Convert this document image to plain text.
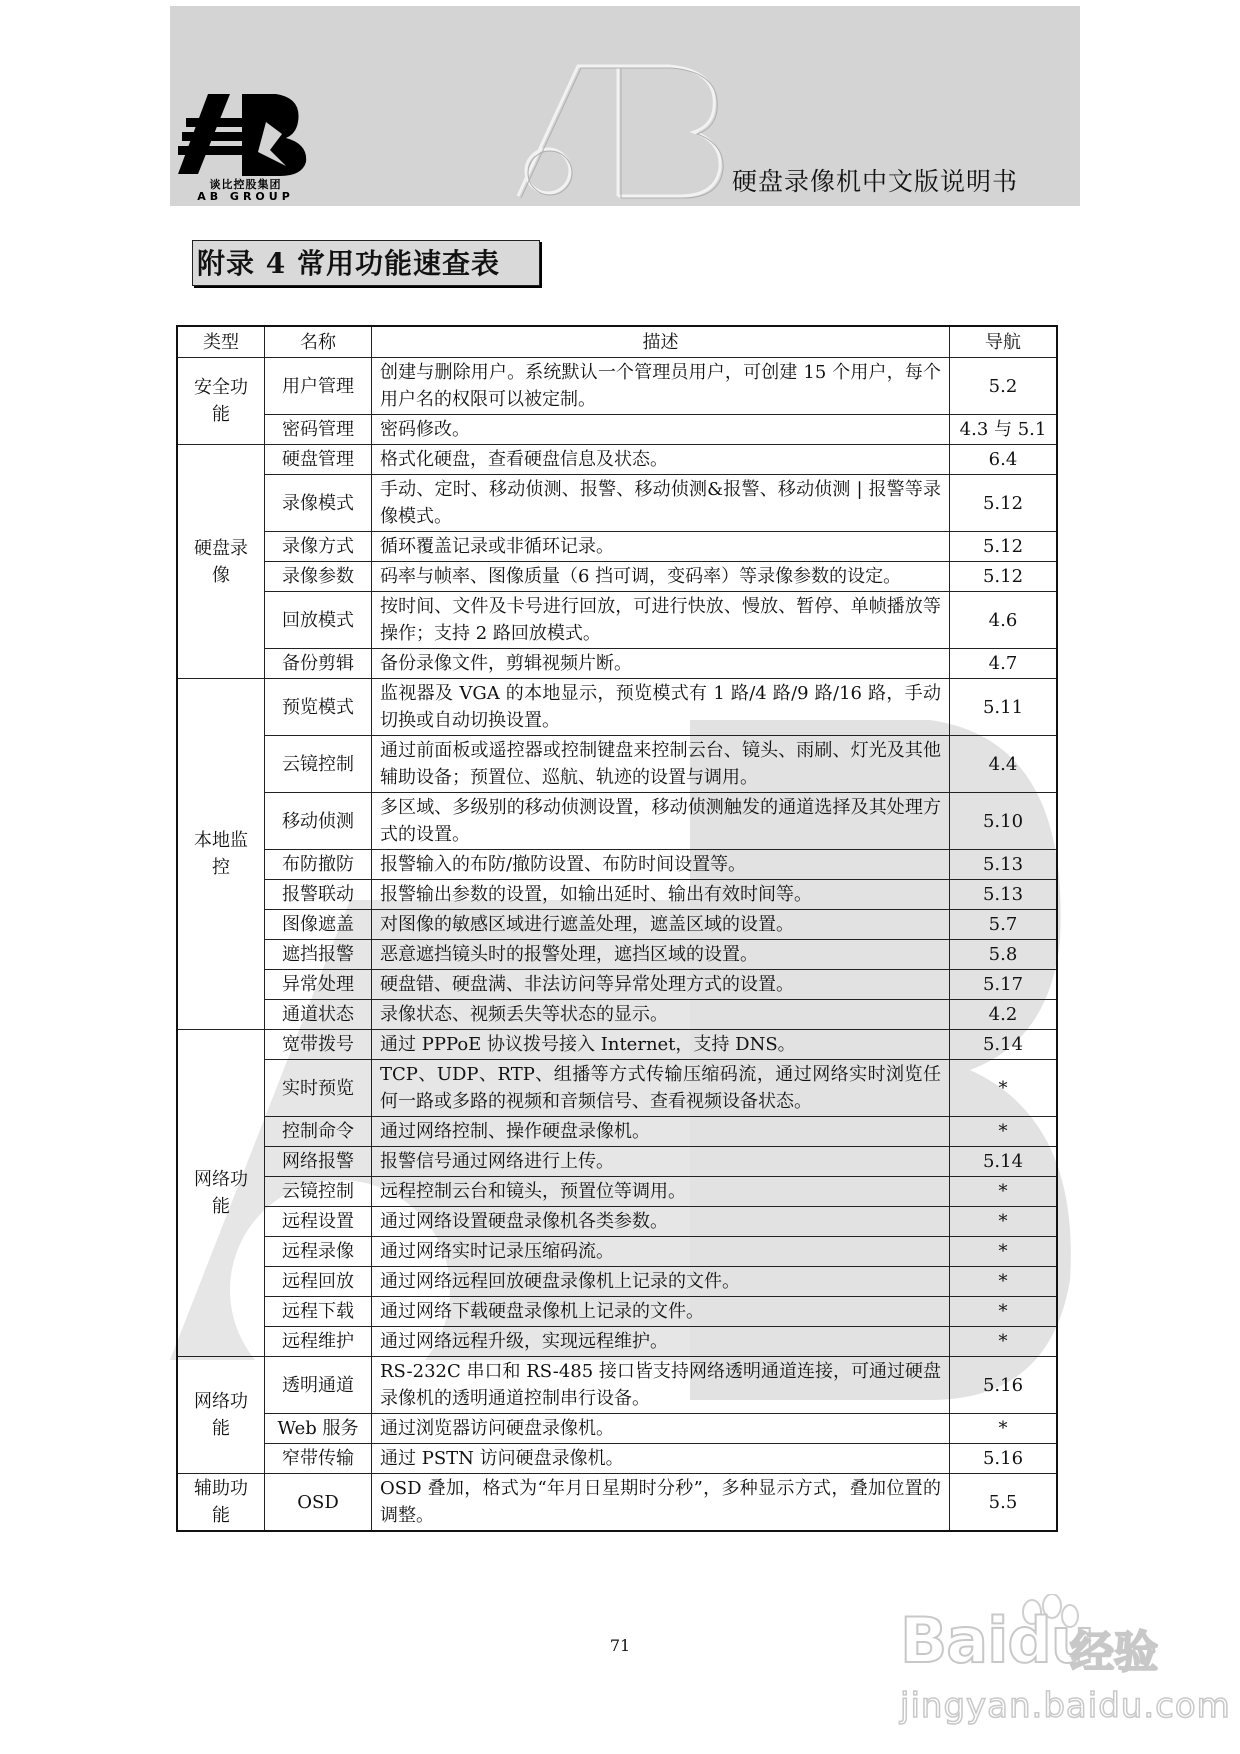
谈比控股集团
AB GROUP
硬盘录像机中文版说明书
附录 4 常用功能速查表
类型	名称	描述	导航
安全功能	用户管理	创建与删除用户。系统默认一个管理员用户，可创建 15 个用户，每个用户名的权限可以被定制。	5.2
	密码管理	密码修改。	4.3 与 5.1
硬盘录像	硬盘管理	格式化硬盘，查看硬盘信息及状态。	6.4
	录像模式	手动、定时、移动侦测、报警、移动侦测&报警、移动侦测 | 报警等录像模式。	5.12
	录像方式	循环覆盖记录或非循环记录。	5.12
	录像参数	码率与帧率、图像质量（6 挡可调，变码率）等录像参数的设定。	5.12
	回放模式	按时间、文件及卡号进行回放，可进行快放、慢放、暂停、单帧播放等操作；支持 2 路回放模式。	4.6
	备份剪辑	备份录像文件，剪辑视频片断。	4.7
本地监控	预览模式	监视器及 VGA 的本地显示，预览模式有 1 路/4 路/9 路/16 路，手动切换或自动切换设置。	5.11
	云镜控制	通过前面板或遥控器或控制键盘来控制云台、镜头、雨刷、灯光及其他辅助设备；预置位、巡航、轨迹的设置与调用。	4.4
	移动侦测	多区域、多级别的移动侦测设置，移动侦测触发的通道选择及其处理方式的设置。	5.10
	布防撤防	报警输入的布防/撤防设置、布防时间设置等。	5.13
	报警联动	报警输出参数的设置，如输出延时、输出有效时间等。	5.13
	图像遮盖	对图像的敏感区域进行遮盖处理，遮盖区域的设置。	5.7
	遮挡报警	恶意遮挡镜头时的报警处理，遮挡区域的设置。	5.8
	异常处理	硬盘错、硬盘满、非法访问等异常处理方式的设置。	5.17
	通道状态	录像状态、视频丢失等状态的显示。	4.2
网络功能	宽带拨号	通过 PPPoE 协议拨号接入 Internet，支持 DNS。	5.14
	实时预览	TCP、UDP、RTP、组播等方式传输压缩码流，通过网络实时浏览任何一路或多路的视频和音频信号、查看视频设备状态。	*
	控制命令	通过网络控制、操作硬盘录像机。	*
	网络报警	报警信号通过网络进行上传。	5.14
	云镜控制	远程控制云台和镜头，预置位等调用。	*
	远程设置	通过网络设置硬盘录像机各类参数。	*
	远程录像	通过网络实时记录压缩码流。	*
	远程回放	通过网络远程回放硬盘录像机上记录的文件。	*
	远程下载	通过网络下载硬盘录像机上记录的文件。	*
	远程维护	通过网络远程升级，实现远程维护。	*
网络功能	透明通道	RS-232C 串口和 RS-485 接口皆支持网络透明通道连接，可通过硬盘录像机的透明通道控制串行设备。	5.16
	Web 服务	通过浏览器访问硬盘录像机。	*
	窄带传输	通过 PSTN 访问硬盘录像机。	5.16
辅助功能	OSD	OSD 叠加，格式为“年月日星期时分秒”，多种显示方式，叠加位置的调整。	5.5
71	Baidu
经验
jingyan.baidu.com
